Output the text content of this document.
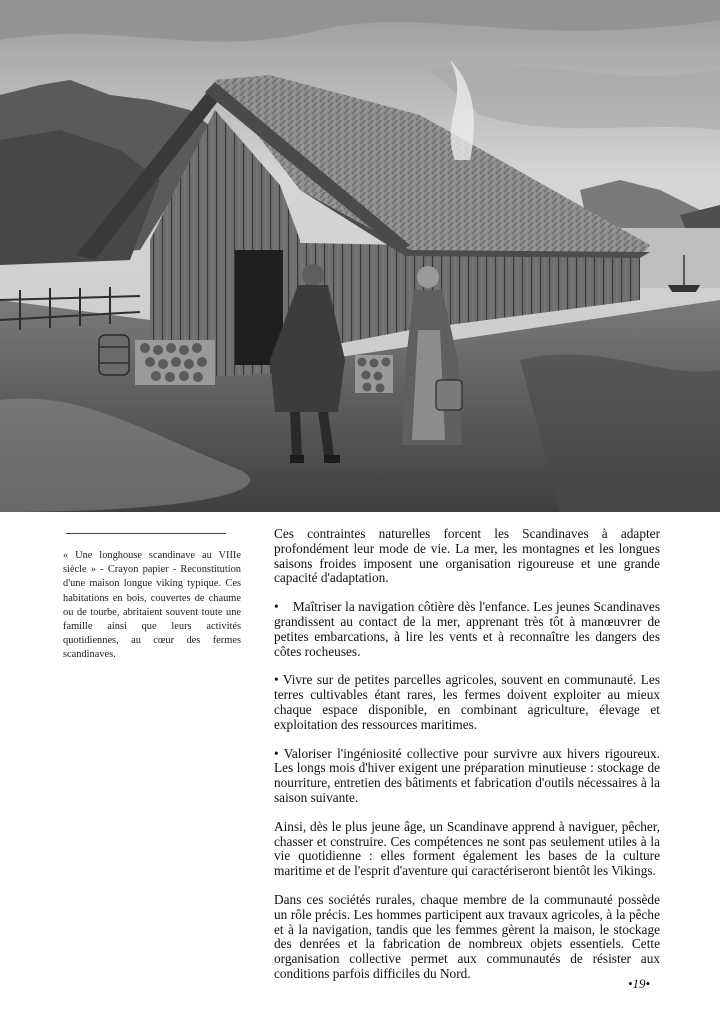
« Une longhouse scandinave au VIIIe siècle » - Crayon papier - Reconstitution d'une maison longue viking typique. Ces habitations en bois, couvertes de chaume ou de tourbe, abritaient souvent toute une famille ainsi que leurs activités quotidiennes, au cœur des fermes scandinaves.

Ces contraintes naturelles forcent les Scandinaves à adapter profondément leur mode de vie. La mer, les montagnes et les longues saisons froides imposent une organisation rigoureuse et une grande capacité d'adaptation.

•    Maîtriser la navigation côtière dès l'enfance. Les jeunes Scandinaves grandissent au contact de la mer, apprenant très tôt à manœuvrer de petites embarcations, à lire les vents et à reconnaître les dangers des côtes rocheuses.

• Vivre sur de petites parcelles agricoles, souvent en communauté. Les terres cultivables étant rares, les fermes doivent exploiter au mieux chaque espace disponible, en combinant agriculture, élevage et exploitation des ressources maritimes.

• Valoriser l'ingéniosité collective pour survivre aux hivers rigoureux. Les longs mois d'hiver exigent une préparation minutieuse : stockage de nourriture, entretien des bâtiments et fabrication d'outils nécessaires à la saison suivante.

Ainsi, dès le plus jeune âge, un Scandinave apprend à naviguer, pêcher, chasser et construire. Ces compétences ne sont pas seulement utiles à la vie quotidienne : elles forment également les bases de la culture maritime et de l'esprit d'aventure qui caractériseront bientôt les Vikings.

Dans ces sociétés rurales, chaque membre de la communauté possède un rôle précis. Les hommes participent aux travaux agricoles, à la pêche et à la navigation, tandis que les femmes gèrent la maison, le stockage des denrées et la fabrication de nombreux objets essentiels. Cette organisation collective permet aux communautés de résister aux conditions parfois difficiles du Nord.

•19•
